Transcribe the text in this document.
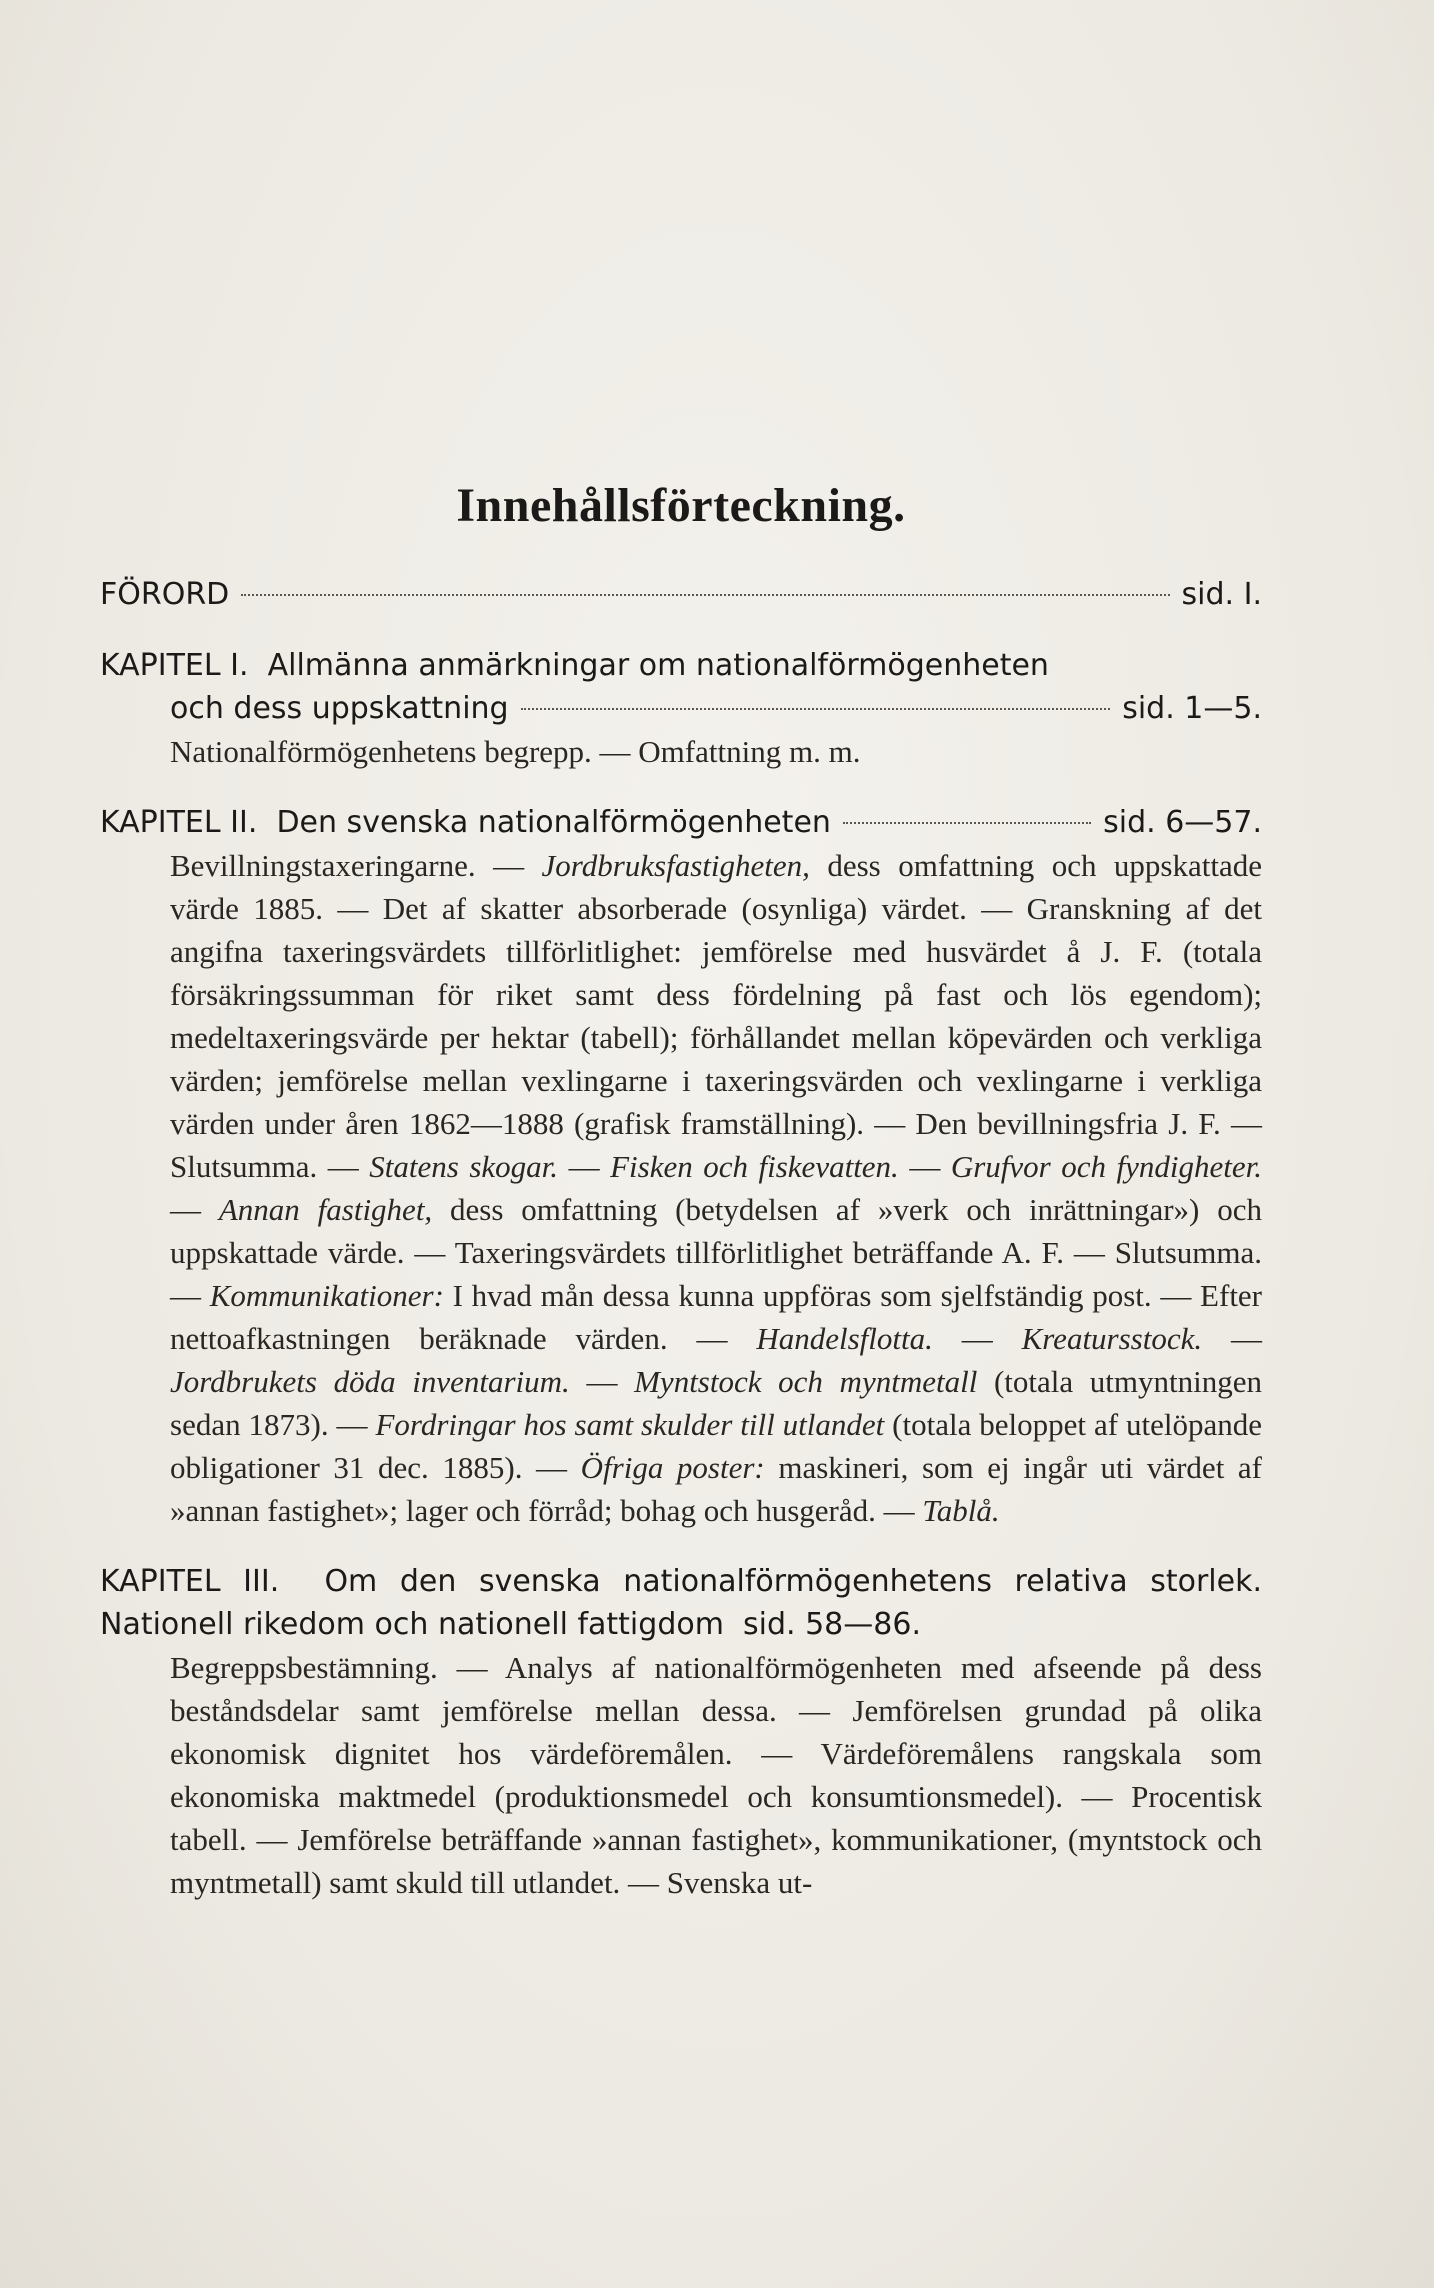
Innehållsförteckning.
FÖRORD	sid. I.
KAPITEL I. Allmänna anmärkningar om nationalförmögenheten
och dess uppskattning	sid. 1—5.
Nationalförmögenhetens begrepp. — Omfattning m. m.
KAPITEL II.
Den svenska nationalförmögenheten	sid. 6—57.
Bevillningstaxeringarne. — Jordbruksfastigheten, dess omfattning och uppskattade värde 1885. — Det af skatter absorberade (osynliga) värdet. — Granskning af det angifna taxeringsvärdets tillförlitlighet: jemförelse med husvärdet å J. F. (totala försäkringssumman för riket samt dess fördelning på fast och lös egendom); medeltaxeringsvärde per hektar (tabell); förhållandet mellan köpevärden och verkliga värden; jemförelse mellan vexlingarne i taxeringsvärden och vexlingarne i verkliga värden under åren 1862—1888 (grafisk framställning). — Den bevillningsfria J. F. — Slutsumma. — Statens skogar. — Fisken och fiskevatten. — Grufvor och fyndigheter. — Annan fastighet, dess omfattning (betydelsen af »verk och inrättningar») och uppskattade värde. — Taxeringsvärdets tillförlitlighet beträffande A. F. — Slutsumma. — Kommunikationer: I hvad mån dessa kunna uppföras som sjelfständig post. — Efter nettoafkastningen beräknade värden. — Handelsflotta. — Kreatursstock. — Jordbrukets döda inventarium. — Myntstock och myntmetall (totala utmyntningen sedan 1873). — Fordringar hos samt skulder till utlandet (totala beloppet af utelöpande obligationer 31 dec. 1885). — Öfriga poster: maskineri, som ej ingår uti värdet af »annan fastighet»; lager och förråd; bohag och husgeråd. — Tablå.
KAPITEL III. Om den svenska nationalförmögenhetens relativa storlek. Nationell rikedom och nationell fattigdom sid. 58—86.
Begreppsbestämning. — Analys af nationalförmögenheten med afseende på dess beståndsdelar samt jemförelse mellan dessa. — Jemförelsen grundad på olika ekonomisk dignitet hos värdeföremålen. — Värdeföremålens rangskala som ekonomiska maktmedel (produktionsmedel och konsumtionsmedel). — Procentisk tabell. — Jemförelse beträffande »annan fastighet», kommunikationer, (myntstock och myntmetall) samt skuld till utlandet. — Svenska ut-
